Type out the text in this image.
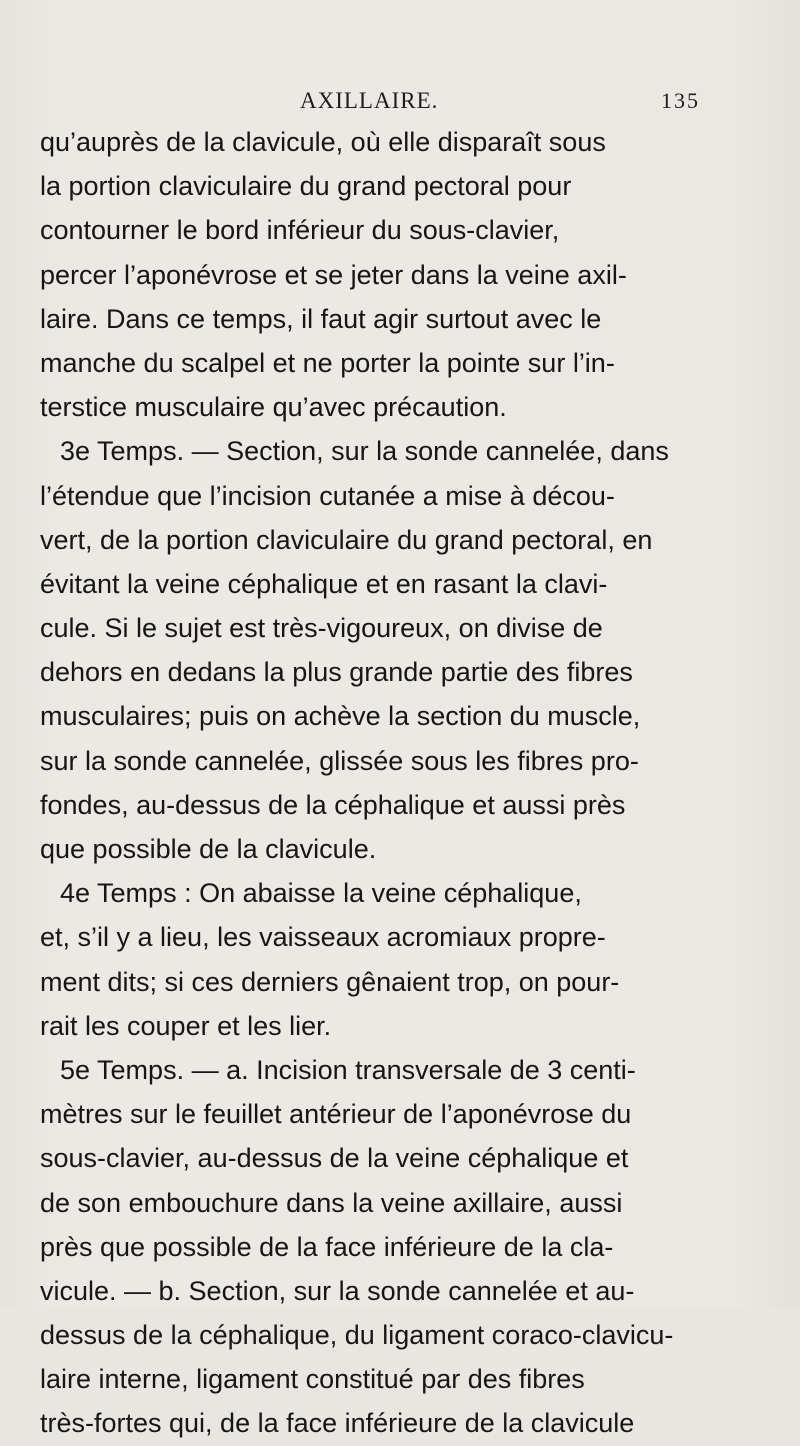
AXILLAIRE.	135
qu’auprès de la clavicule, où elle disparaît sous
la portion claviculaire du grand pectoral pour
contourner le bord inférieur du sous-clavier,
percer l’aponévrose et se jeter dans la veine axil-
laire. Dans ce temps, il faut agir surtout avec le
manche du scalpel et ne porter la pointe sur l’in-
terstice musculaire qu’avec précaution.
3e Temps. — Section, sur la sonde cannelée, dans
l’étendue que l’incision cutanée a mise à décou-
vert, de la portion claviculaire du grand pectoral, en
évitant la veine céphalique et en rasant la clavi-
cule. Si le sujet est très-vigoureux, on divise de
dehors en dedans la plus grande partie des fibres
musculaires; puis on achève la section du muscle,
sur la sonde cannelée, glissée sous les fibres pro-
fondes, au-dessus de la céphalique et aussi près
que possible de la clavicule.
4e Temps : On abaisse la veine céphalique,
et, s’il y a lieu, les vaisseaux acromiaux propre-
ment dits; si ces derniers gênaient trop, on pour-
rait les couper et les lier.
5e Temps. — a. Incision transversale de 3 centi-
mètres sur le feuillet antérieur de l’aponévrose du
sous-clavier, au-dessus de la veine céphalique et
de son embouchure dans la veine axillaire, aussi
près que possible de la face inférieure de la cla-
vicule. — b. Section, sur la sonde cannelée et au-
dessus de la céphalique, du ligament coraco-clavicu-
laire interne, ligament constitué par des fibres
très-fortes qui, de la face inférieure de la clavicule
